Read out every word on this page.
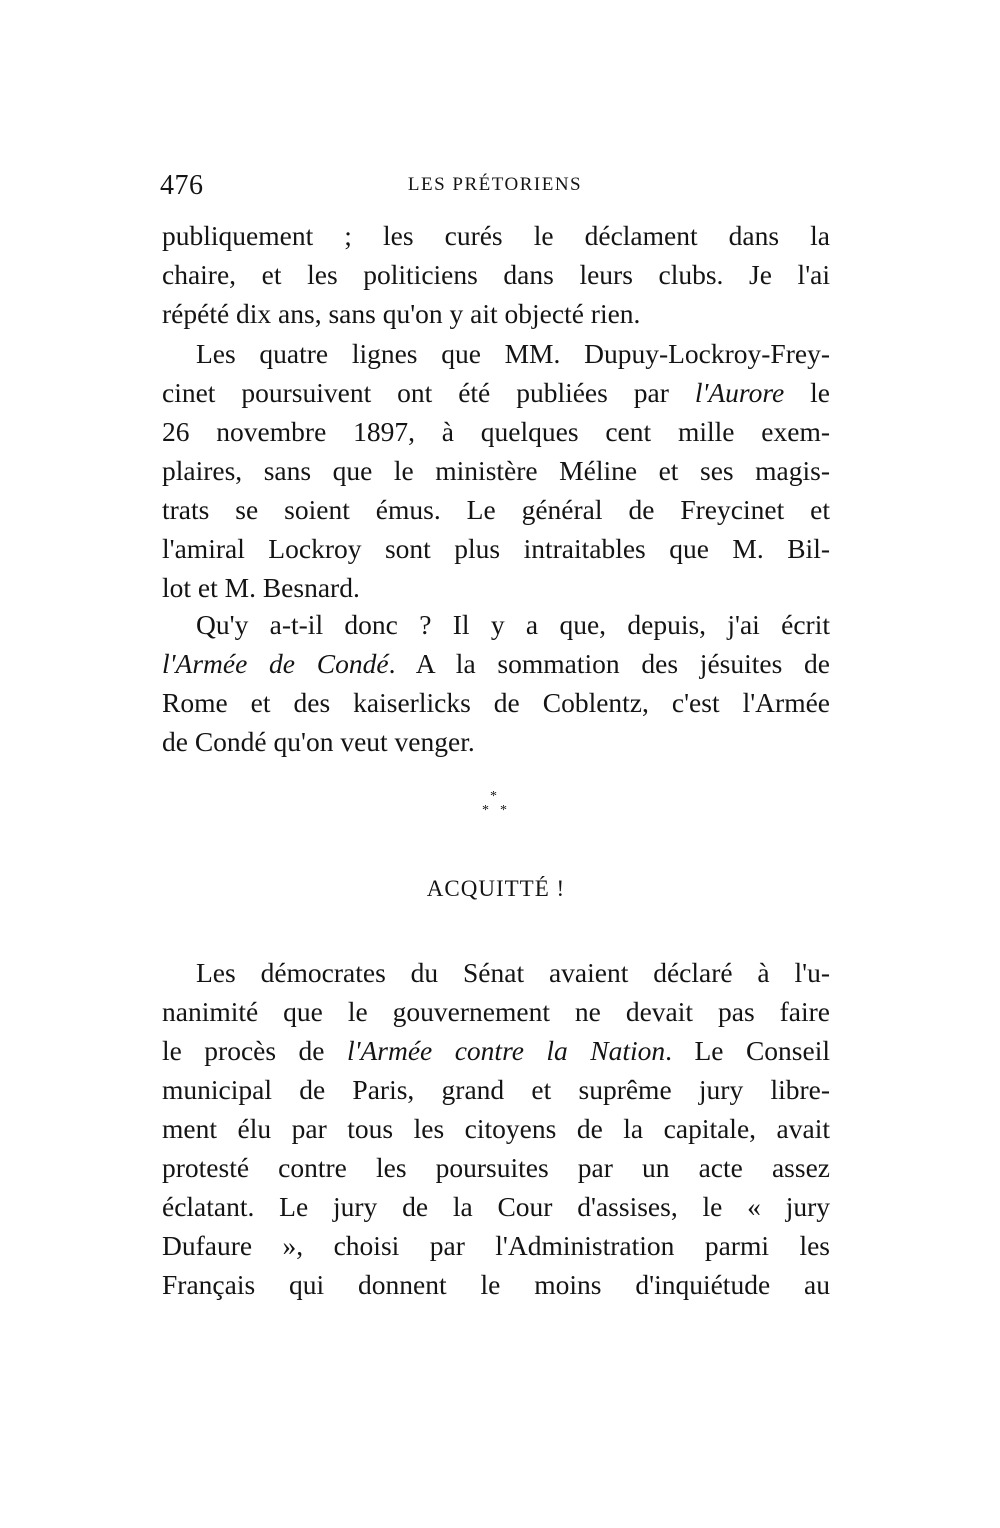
476	LES PRÉTORIENS
publiquement ; les curés le déclament dans la
chaire, et les politiciens dans leurs clubs. Je l'ai
répété dix ans, sans qu'on y ait objecté rien.
Les quatre lignes que MM. Dupuy-Lockroy-Frey-
cinet poursuivent ont été publiées par l'Aurore le
26 novembre 1897, à quelques cent mille exem-
plaires, sans que le ministère Méline et ses magis-
trats se soient émus. Le général de Freycinet et
l'amiral Lockroy sont plus intraitables que M. Bil-
lot et M. Besnard.
Qu'y a-t-il donc ? Il y a que, depuis, j'ai écrit
l'Armée de Condé. A la sommation des jésuites de
Rome et des kaiserlicks de Coblentz, c'est l'Armée
de Condé qu'on veut venger.
*
* *
ACQUITTÉ !
Les démocrates du Sénat avaient déclaré à l'u-
nanimité que le gouvernement ne devait pas faire
le procès de l'Armée contre la Nation. Le Conseil
municipal de Paris, grand et suprême jury libre-
ment élu par tous les citoyens de la capitale, avait
protesté contre les poursuites par un acte assez
éclatant. Le jury de la Cour d'assises, le « jury
Dufaure », choisi par l'Administration parmi les
Français qui donnent le moins d'inquiétude au
